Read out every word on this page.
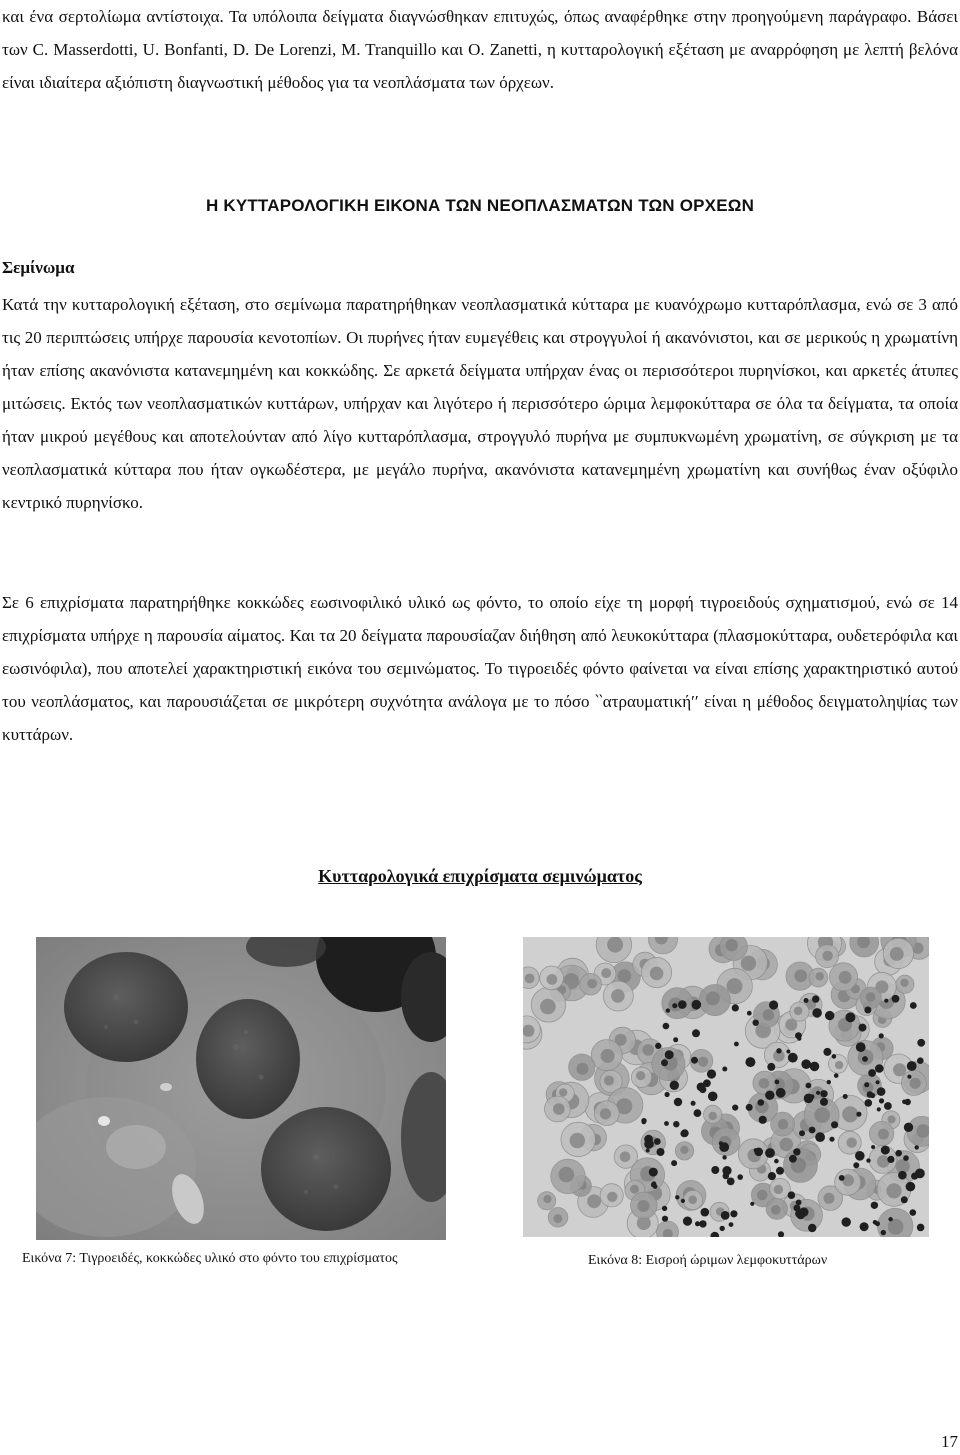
και ένα σερτολίωμα αντίστοιχα. Τα υπόλοιπα δείγματα διαγνώσθηκαν επιτυχώς, όπως αναφέρθηκε στην προηγούμενη παράγραφο. Βάσει των C. Masserdotti, U. Bonfanti, D. De Lorenzi, M. Tranquillo και O. Zanetti, η κυτταρολογική εξέταση με αναρρόφηση με λεπτή βελόνα είναι ιδιαίτερα αξιόπιστη διαγνωστική μέθοδος για τα νεοπλάσματα των όρχεων.

Η ΚΥΤΤΑΡΟΛΟΓΙΚΗ ΕΙΚΟΝΑ ΤΩΝ ΝΕΟΠΛΑΣΜΑΤΩΝ ΤΩΝ ΟΡΧΕΩΝ
Σεμίνωμα

Κατά την κυτταρολογική εξέταση, στο σεμίνωμα παρατηρήθηκαν νεοπλασματικά κύτταρα με κυανόχρωμο κυτταρόπλασμα, ενώ σε 3 από τις 20 περιπτώσεις υπήρχε παρουσία κενοτοπίων. Οι πυρήνες ήταν ευμεγέθεις και στρογγυλοί ή ακανόνιστοι, και σε μερικούς η χρωματίνη ήταν επίσης ακανόνιστα κατανεμημένη και κοκκώδης. Σε αρκετά δείγματα υπήρχαν ένας οι περισσότεροι πυρηνίσκοι, και αρκετές άτυπες μιτώσεις. Εκτός των νεοπλασματικών κυττάρων, υπήρχαν και λιγότερο ή περισσότερο ώριμα λεμφοκύτταρα σε όλα τα δείγματα, τα οποία ήταν μικρού μεγέθους και αποτελούνταν από λίγο κυτταρόπλασμα, στρογγυλό πυρήνα με συμπυκνωμένη χρωματίνη, σε σύγκριση με τα νεοπλασματικά κύτταρα που ήταν ογκωδέστερα, με μεγάλο πυρήνα, ακανόνιστα κατανεμημένη χρωματίνη και συνήθως έναν οξύφιλο κεντρικό πυρηνίσκο.

Σε 6 επιχρίσματα παρατηρήθηκε κοκκώδες εωσινοφιλικό υλικό ως φόντο, το οποίο είχε τη μορφή τιγροειδούς σχηματισμού, ενώ σε 14 επιχρίσματα υπήρχε η παρουσία αίματος. Και τα 20 δείγματα παρουσίαζαν διήθηση από λευκοκύτταρα (πλασμοκύτταρα, ουδετερόφιλα και εωσινόφιλα), που αποτελεί χαρακτηριστική εικόνα του σεμινώματος. Το τιγροειδές φόντο φαίνεται να είναι επίσης χαρακτηριστικό αυτού του νεοπλάσματος, και παρουσιάζεται σε μικρότερη συχνότητα ανάλογα με το πόσο ‵‵ατραυματική′′ είναι η μέθοδος δειγματοληψίας των κυττάρων.

Κυτταρολογικά επιχρίσματα σεμινώματος

Εικόνα 7: Τιγροειδές, κοκκώδες υλικό στο φόντο του επιχρίσματος	Εικόνα 8: Εισροή ώριμων λεμφοκυττάρων

17
